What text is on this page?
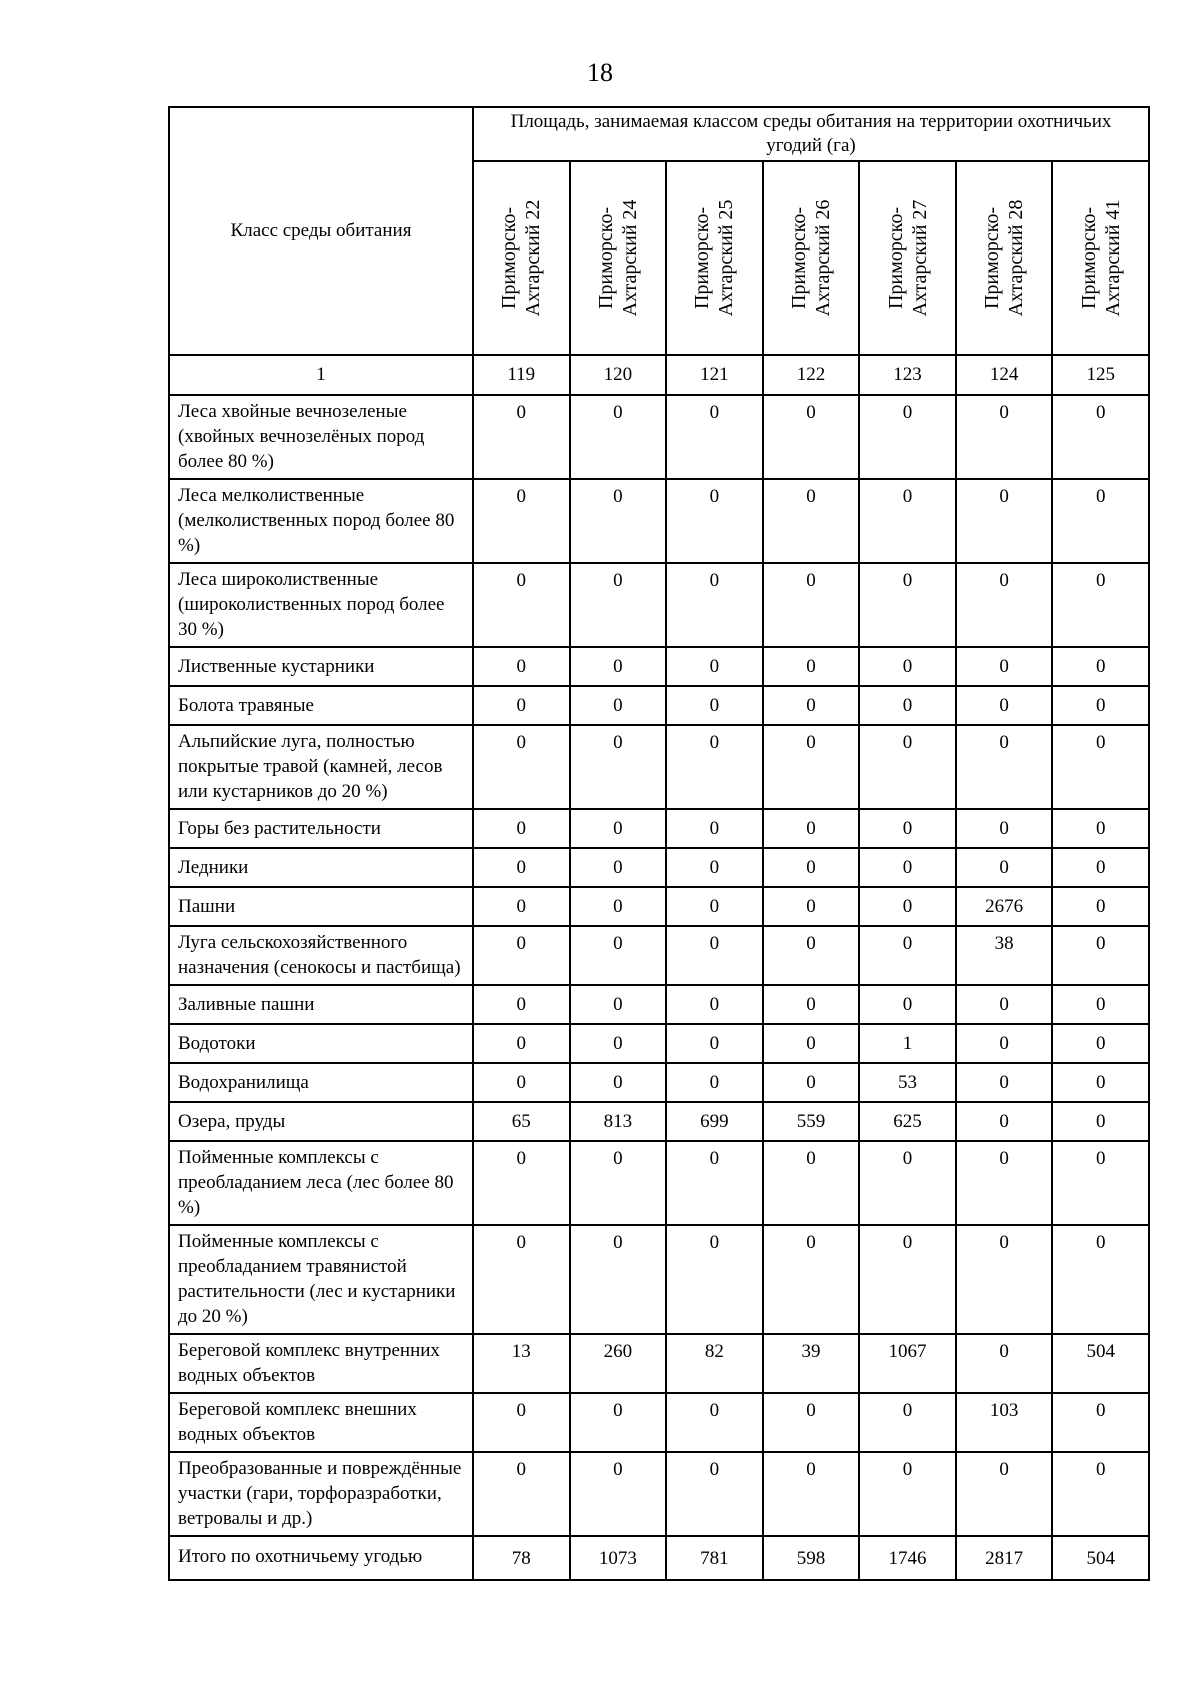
18
Класс среды обитания	Площадь, занимаемая классом среды обитания на территории охотничьих угодий (га)						

	Приморско-Ахтарский 22	Приморско-Ахтарский 24	Приморско-Ахтарский 25	Приморско-Ахтарский 26	Приморско-Ахтарский 27	Приморско-Ахтарский 28	Приморско-Ахтарский 41

1	119	120	121	122	123	124	125
Леса хвойные вечнозеленые (хвойных вечнозелёных пород более 80 %)	0	0	0	0	0	0	0
Леса мелколиственные (мелколиственных пород более 80 %)	0	0	0	0	0	0	0
Леса широколиственные (широколиственных пород более 30 %)	0	0	0	0	0	0	0
Лиственные кустарники	0	0	0	0	0	0	0
Болота травяные	0	0	0	0	0	0	0
Альпийские луга, полностью покрытые травой (камней, лесов или кустарников до 20 %)	0	0	0	0	0	0	0
Горы без растительности	0	0	0	0	0	0	0
Ледники	0	0	0	0	0	0	0
Пашни	0	0	0	0	0	2676	0
Луга сельскохозяйственного назначения (сенокосы и пастбища)	0	0	0	0	0	38	0
Заливные пашни	0	0	0	0	0	0	0
Водотоки	0	0	0	0	1	0	0
Водохранилища	0	0	0	0	53	0	0
Озера, пруды	65	813	699	559	625	0	0
Пойменные комплексы с преобладанием леса (лес более 80 %)	0	0	0	0	0	0	0
Пойменные комплексы с преобладанием травянистой растительности (лес и кустарники до 20 %)	0	0	0	0	0	0	0
Береговой комплекс внутренних водных объектов	13	260	82	39	1067	0	504
Береговой комплекс внешних водных объектов	0	0	0	0	0	103	0
Преобразованные и повреждённые участки (гари, торфоразработки, ветровалы и др.)	0	0	0	0	0	0	0
Итого по охотничьему угодью	78	1073	781	598	1746	2817	504
